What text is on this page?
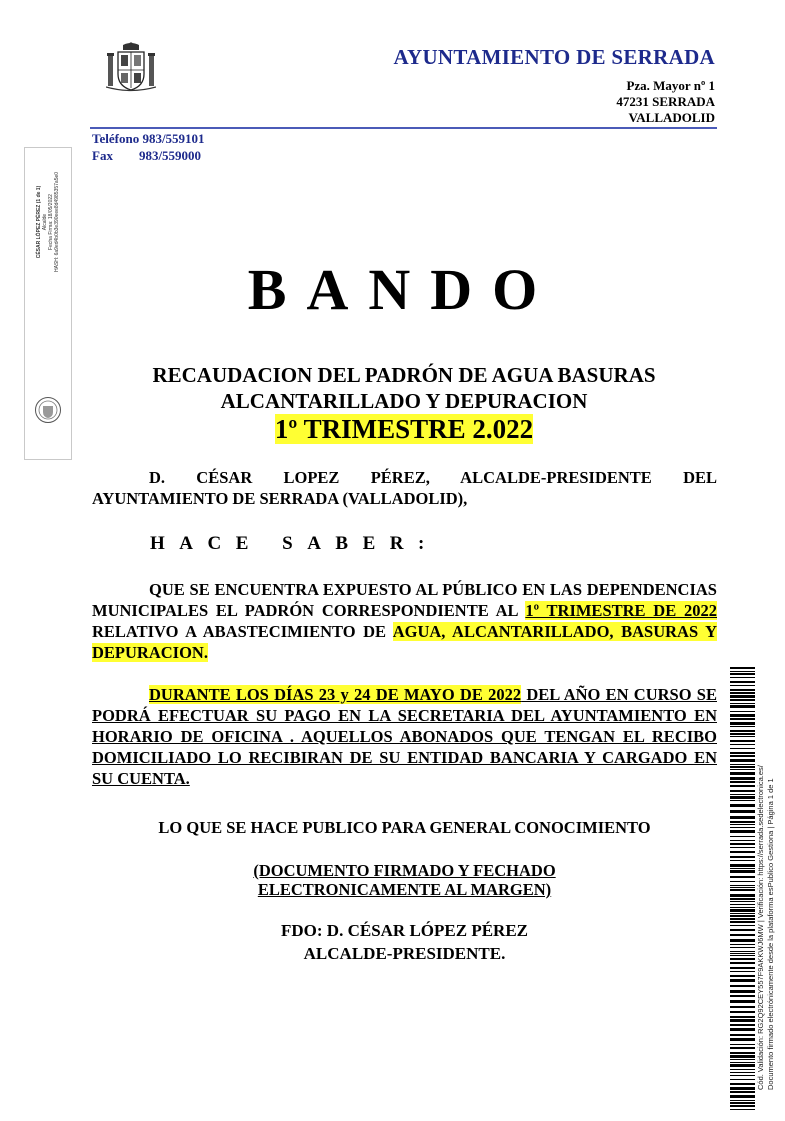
AYUNTAMIENTO DE SERRADA
Pza. Mayor nº 1
47231 SERRADA
VALLADOLID
Teléfono 983/559101
Fax        983/559000
CÉSAR LÓPEZ PÉREZ (1 de 1) Alcalde Fecha Firma: 18/05/2022 HASH: 6a9ed4b0b3e390eee8d4985357a5e0
BANDO
RECAUDACION DEL PADRÓN DE AGUA BASURAS
ALCANTARILLADO Y DEPURACION
1º TRIMESTRE 2.022
D. CÉSAR LOPEZ PÉREZ, ALCALDE-PRESIDENTE DEL AYUNTAMIENTO DE SERRADA (VALLADOLID),
HACE SABER:
QUE SE ENCUENTRA EXPUESTO AL PÚBLICO EN LAS DEPENDENCIAS MUNICIPALES EL PADRÓN CORRESPONDIENTE AL 1º TRIMESTRE DE 2022 RELATIVO A ABASTECIMIENTO DE AGUA, ALCANTARILLADO, BASURAS Y DEPURACION.
DURANTE LOS DÍAS 23 y 24 DE MAYO DE 2022 DEL AÑO EN CURSO SE PODRÁ EFECTUAR SU PAGO EN LA SECRETARIA DEL AYUNTAMIENTO EN HORARIO DE OFICINA . AQUELLOS ABONADOS QUE TENGAN EL RECIBO DOMICILIADO LO RECIBIRAN DE SU ENTIDAD BANCARIA Y CARGADO EN SU CUENTA.
LO QUE SE HACE PUBLICO PARA GENERAL CONOCIMIENTO
(DOCUMENTO FIRMADO Y FECHADO
ELECTRONICAMENTE AL MARGEN)
FDO: D. CÉSAR LÓPEZ PÉREZ
ALCALDE-PRESIDENTE.	Cód. Validación: RG2Q92CEY557F9AKKWJ6MW | Verificación: https://serrada.sedelectronica.es/ Documento firmado electrónicamente desde la plataforma esPublico Gestiona | Página 1 de 1
